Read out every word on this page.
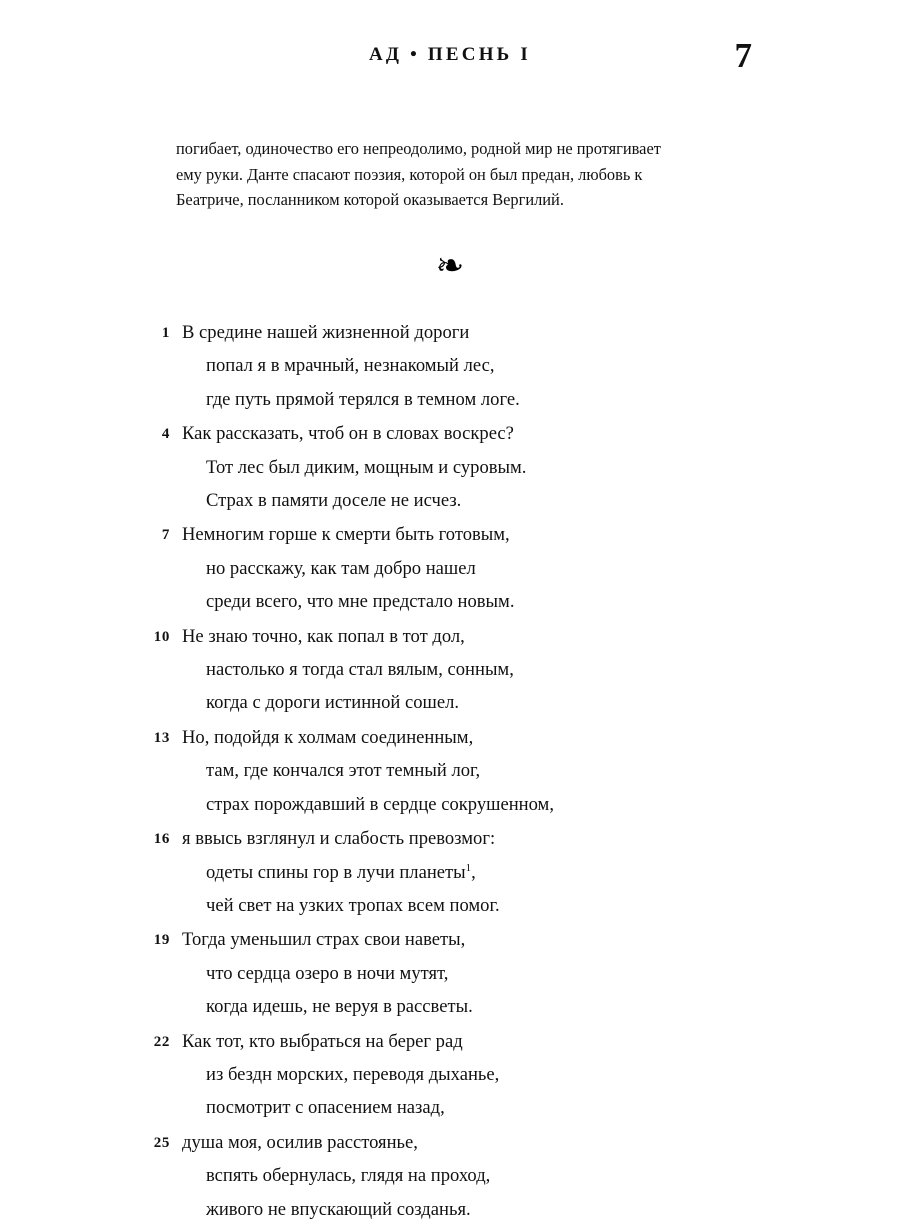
АД • ПЕСНЬ I	7

погибает, одиночество его непреодолимо, родной мир не протягивает ему руки. Данте спасают поэзия, которой он был предан, любовь к Беатриче, посланником которой оказывается Вергилий.

❧
1 В средине нашей жизненной дороги
попал я в мрачный, незнакомый лес,
где путь прямой терялся в темном логе.
4 Как рассказать, чтоб он в словах воскрес?
Тот лес был диким, мощным и суровым.
Страх в памяти доселе не исчез.
7 Немногим горше к смерти быть готовым,
но расскажу, как там добро нашел
среди всего, что мне предстало новым.
10 Не знаю точно, как попал в тот дол,
настолько я тогда стал вялым, сонным,
когда с дороги истинной сошел.
13 Но, подойдя к холмам соединенным,
там, где кончался этот темный лог,
страх порождавший в сердце сокрушенном,
16 я ввысь взглянул и слабость превозмог:
одеты спины гор в лучи планеты$^1$,
чей свет на узких тропах всем помог.
19 Тогда уменьшил страх свои наветы,
что сердца озеро в ночи мутят,
когда идешь, не веруя в рассветы.
22 Как тот, кто выбраться на берег рад
из бездн морских, переводя дыханье,
посмотрит с опасением назад,
25 душа моя, осилив расстоянье,
вспять обернулась, глядя на проход,
живого не впускающий созданья.
